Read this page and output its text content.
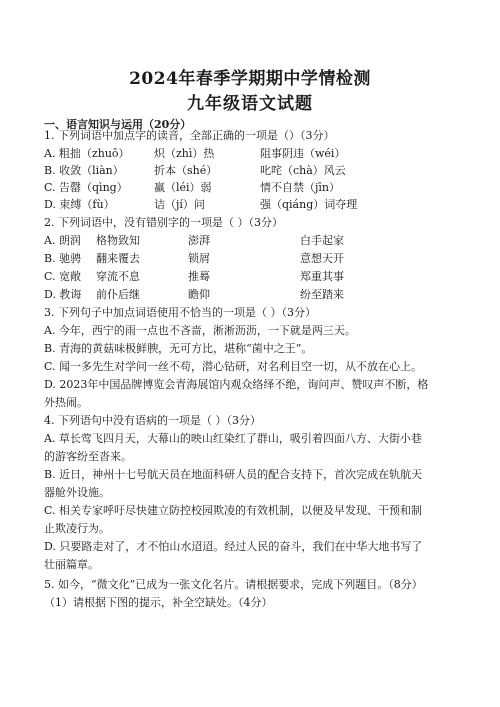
2024年春季学期期中学情检测
九年级语文试题
一、语言知识与运用（20分）
1. 下列词语中加点字的读音，全部正确的一项是（）（3分）
A. 粗拙（zhuō） 炽（zhì）热	阻事阴违（wéi）
B. 收敛（liàn）	折本（shé）	叱咤（chà）风云
C. 告罄（qìng） 羸（léi）弱	情不自禁（jīn）
D. 束缚（fù）	诘（jí）问	强（qiáng）词夺理
2. 下列词语中，没有错别字的一项是（ ）（3分）
A. 朗润 格物致知	澎湃	白手起家
B. 驰骋 翻来覆去	锁屑	意想天开
C. 宽敞 穿流不息	推蓦	郑重其事
D. 教诲 前仆后继	瞻仰	纷至踏来
3. 下列句子中加点词语使用不恰当的一项是（ ）（3分）
A. 今年，西宁的雨一点也不吝啬，淅淅沥沥，一下就是两三天。
B. 青海的黄菇味极鲜腴，无可方比，堪称“菌中之王”。
C. 闻一多先生对学问一丝不苟，潜心钻研，对名利目空一切，从不放在心上。
D. 2023年中国品牌博览会青海展馆内观众络绎不绝，询问声、赞叹声不断，格
外热闹。
4. 下列语句中没有语病的一项是（ ）（3分）
A. 草长莺飞四月天，大幕山的映山红染红了群山，吸引着四面八方、大街小巷
的游客纷至沓来。
B. 近日，神州十七号航天员在地面科研人员的配合支持下，首次完成在轨航天
器舱外设施。
C. 相关专家呼吁尽快建立防控校园欺凌的有效机制，以便及早发现、干预和制
止欺凌行为。
D. 只要路走对了，才不怕山水迢迢。经过人民的奋斗，我们在中华大地书写了
壮丽篇章。
5. 如今，“微文化”已成为一张文化名片。请根据要求，完成下列题目。（8分）
（1）请根据下图的提示，补全空缺处。（4分）
